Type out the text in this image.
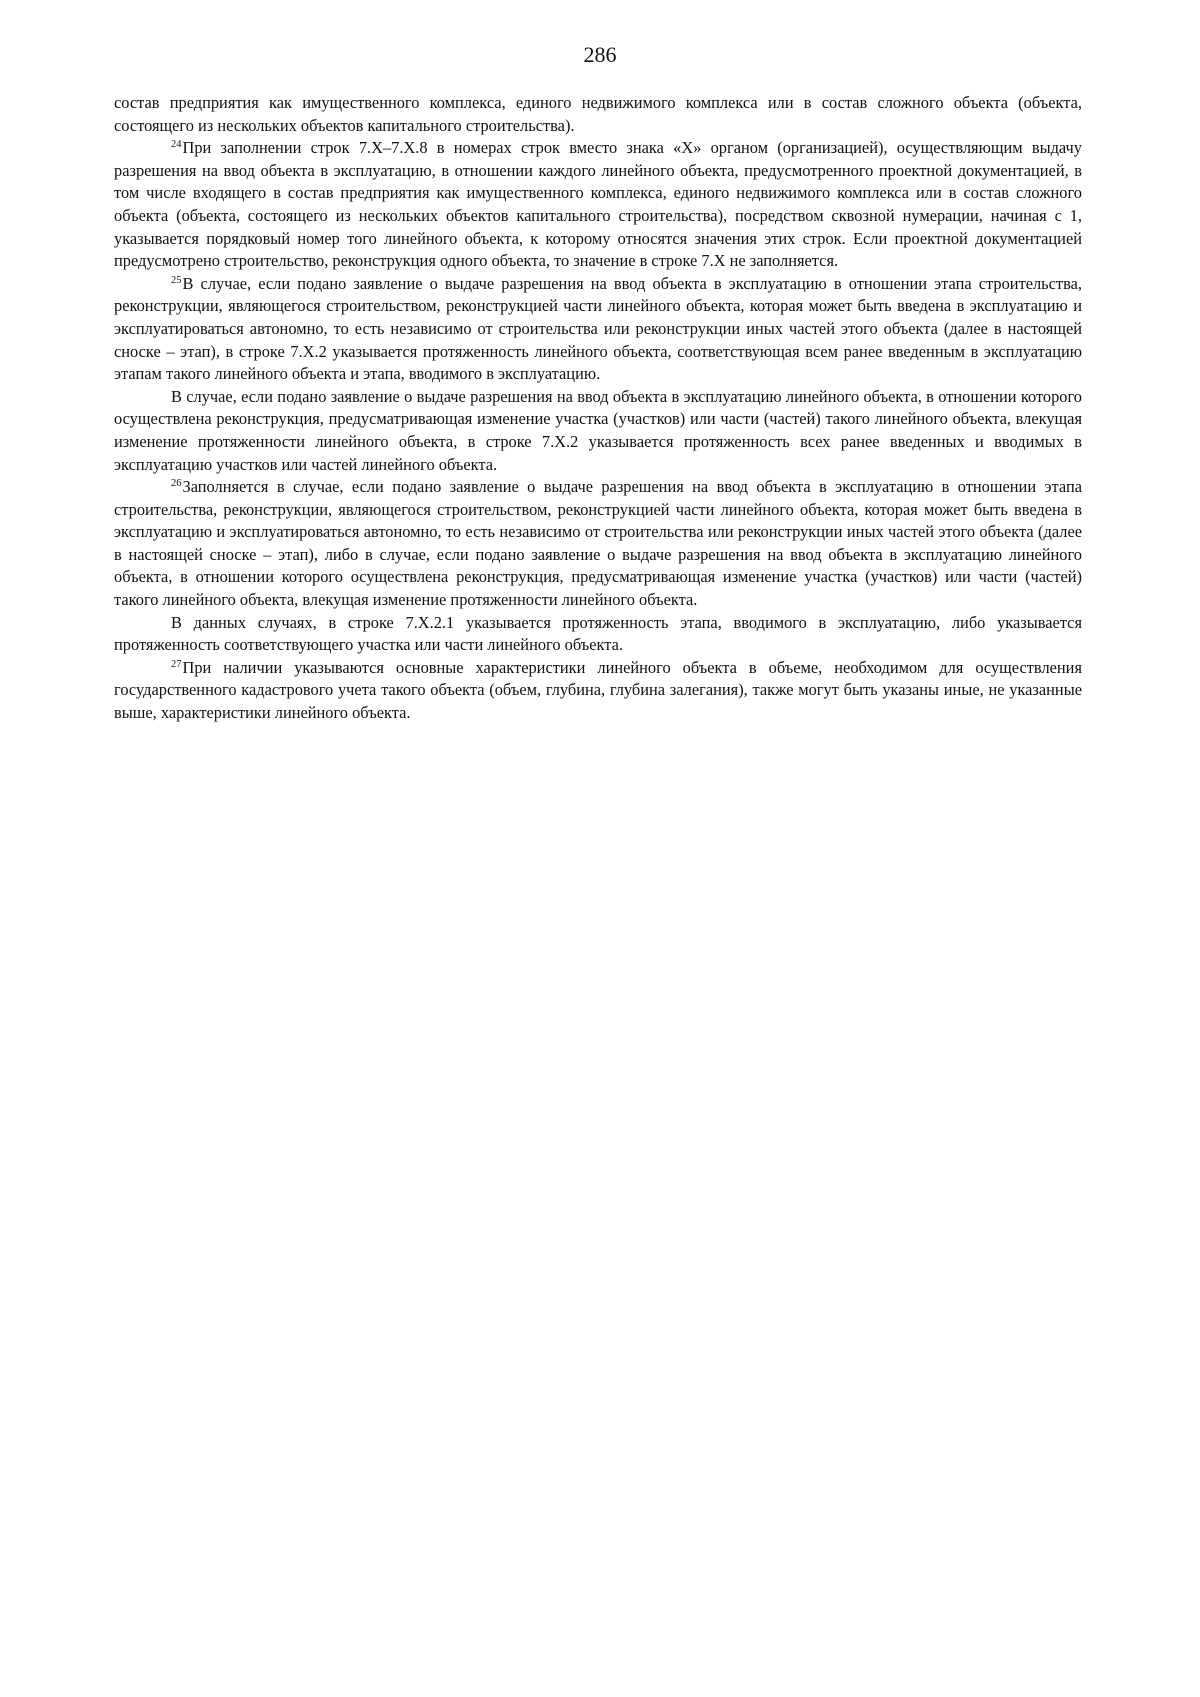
286

состав предприятия как имущественного комплекса, единого недвижимого комплекса или в состав сложного объекта (объекта, состоящего из нескольких объектов капитального строительства).

$^{24}$При заполнении строк 7.X–7.X.8 в номерах строк вместо знака «X» органом (организацией), осуществляющим выдачу разрешения на ввод объекта в эксплуатацию, в отношении каждого линейного объекта, предусмотренного проектной документацией, в том числе входящего в состав предприятия как имущественного комплекса, единого недвижимого комплекса или в состав сложного объекта (объекта, состоящего из нескольких объектов капитального строительства), посредством сквозной нумерации, начиная с 1, указывается порядковый номер того линейного объекта, к которому относятся значения этих строк. Если проектной документацией предусмотрено строительство, реконструкция одного объекта, то значение в строке 7.X не заполняется.

$^{25}$В случае, если подано заявление о выдаче разрешения на ввод объекта в эксплуатацию в отношении этапа строительства, реконструкции, являющегося строительством, реконструкцией части линейного объекта, которая может быть введена в эксплуатацию и эксплуатироваться автономно, то есть независимо от строительства или реконструкции иных частей этого объекта (далее в настоящей сноске – этап), в строке 7.X.2 указывается протяженность линейного объекта, соответствующая всем ранее введенным в эксплуатацию этапам такого линейного объекта и этапа, вводимого в эксплуатацию.

В случае, если подано заявление о выдаче разрешения на ввод объекта в эксплуатацию линейного объекта, в отношении которого осуществлена реконструкция, предусматривающая изменение участка (участков) или части (частей) такого линейного объекта, влекущая изменение протяженности линейного объекта, в строке 7.X.2 указывается протяженность всех ранее введенных и вводимых в эксплуатацию участков или частей линейного объекта.

$^{26}$Заполняется в случае, если подано заявление о выдаче разрешения на ввод объекта в эксплуатацию в отношении этапа строительства, реконструкции, являющегося строительством, реконструкцией части линейного объекта, которая может быть введена в эксплуатацию и эксплуатироваться автономно, то есть независимо от строительства или реконструкции иных частей этого объекта (далее в настоящей сноске – этап), либо в случае, если подано заявление о выдаче разрешения на ввод объекта в эксплуатацию линейного объекта, в отношении которого осуществлена реконструкция, предусматривающая изменение участка (участков) или части (частей) такого линейного объекта, влекущая изменение протяженности линейного объекта.

В данных случаях, в строке 7.X.2.1 указывается протяженность этапа, вводимого в эксплуатацию, либо указывается протяженность соответствующего участка или части линейного объекта.

$^{27}$При наличии указываются основные характеристики линейного объекта в объеме, необходимом для осуществления государственного кадастрового учета такого объекта (объем, глубина, глубина залегания), также могут быть указаны иные, не указанные выше, характеристики линейного объекта.
